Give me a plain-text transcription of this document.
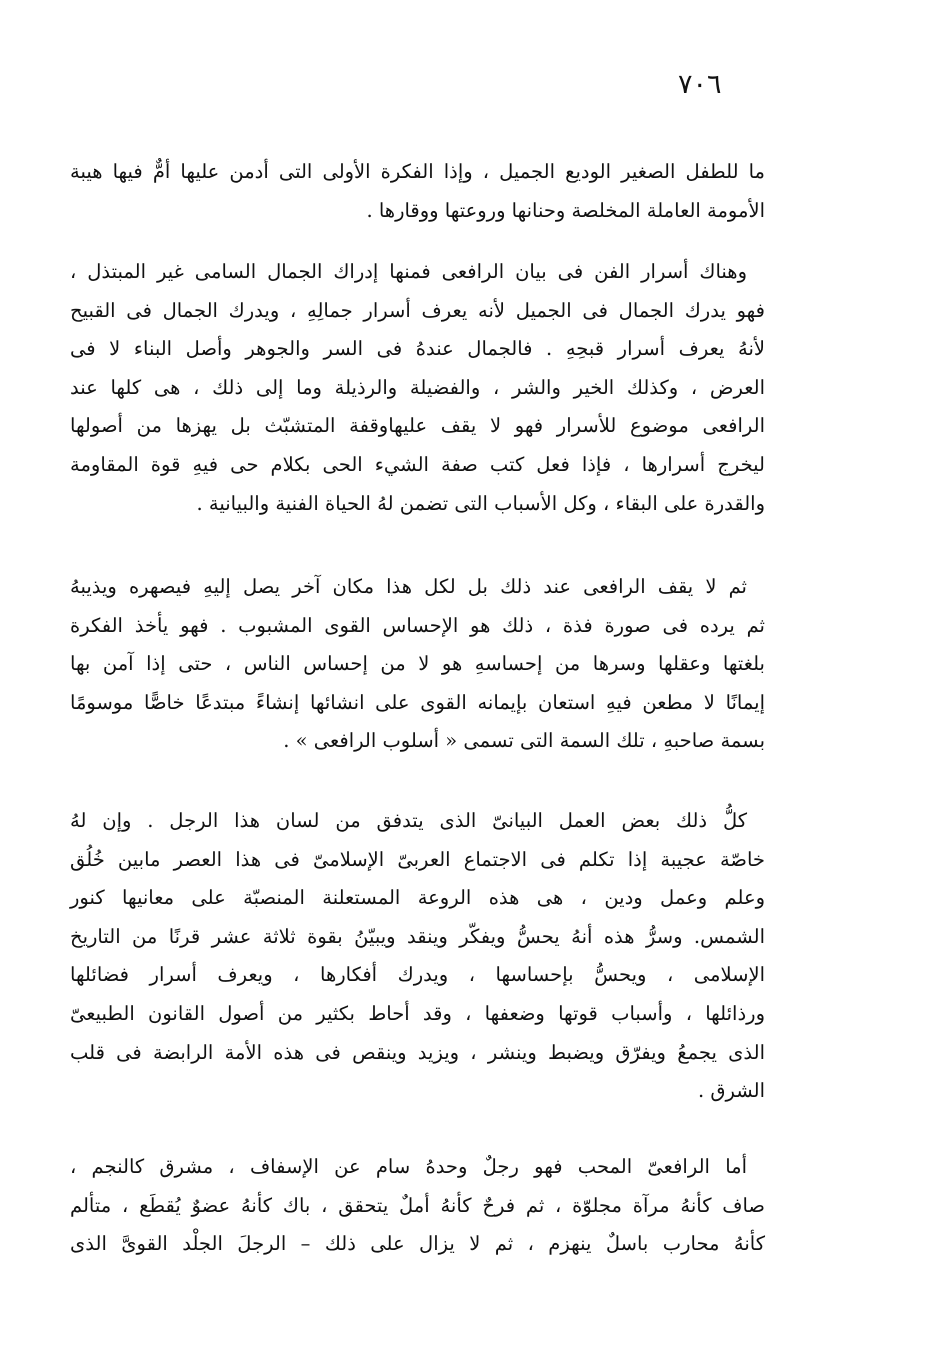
٧٠٦
ما للطفل الصغير الوديع الجميل ، وإذا الفكرة الأولى التى أدمن عليها أمٌّ فيها هيبة
الأمومة العاملة المخلصة وحنانها وروعتها ووقارها .
وهناك أسرار الفن فى بيان الرافعى فمنها إدراك الجمال السامى غير المبتذل ،
فهو يدرك الجمال فى الجميل لأنه يعرف أسرار جمالِهِ ، ويدرك الجمال فى القبيح
لأنهُ يعرف أسرار قبحِهِ . فالجمال عندهُ فى السر والجوهر وأصل البناء لا فى
العرض ، وكذلك الخير والشر ، والفضيلة والرذيلة وما إلى ذلك ، هى كلها عند
الرافعى موضوع للأسرار فهو لا يقف عليهاوقفة المتشبّث بل يهزها من أصولها
ليخرج أسرارها ، فإذا فعل كتب صفة الشيء الحى بكلام حى فيهِ قوة المقاومة
والقدرة على البقاء ، وكل الأسباب التى تضمن لهُ الحياة الفنية والبيانية .
ثم لا يقف الرافعى عند ذلك بل لكل هذا مكان آخر يصل إليهِ فيصهره ويذيبهُ
ثم يرده فى صورة فذة ، ذلك هو الإحساس القوى المشبوب . فهو يأخذ الفكرة
بلغتها وعقلها وسرها من إحساسهِ هو لا من إحساس الناس ، حتى إذا آمن بها
إيمانًا لا مطعن فيهِ استعان بإيمانه القوى على انشائها إنشاءً مبتدعًا خاصًّا موسومًا
بسمة صاحبهِ ، تلك السمة التى تسمى « أسلوب الرافعى » .
كلُّ ذلك بعض العمل البيانىّ الذى يتدفق من لسان هذا الرجل . وإن لهُ
خاصّة عجيبة إذا تكلم فى الاجتماع العربىّ الإسلامىّ فى هذا العصر مابين خُلُق
وعلم وعمل ودين ، هى هذه الروعة المستعلنة المنصبّة على معانيها كنور
الشمس. وسرُّ هذه أنهُ يحسُّ ويفكّر وينقد ويبيّنُ بقوة ثلاثة عشر قرنًا من التاريخ
الإسلامى ، ويحسُّ بإحساسها ، ويدرك أفكارها ، ويعرف أسرار فضائلها
ورذائلها ، وأسباب قوتها وضعفها ، وقد أحاط بكثير من أصول القانون الطبيعىّ
الذى يجمعُ ويفرّق ويضبط وينشر ، ويزيد وينقص فى هذه الأمة الرابضة فى قلب
الشرق .
أما الرافعىّ المحب فهو رجلٌ وحدهُ سام عن الإسفاف ، مشرق كالنجم ،
صاف كأنهُ مرآة مجلوّة ، ثم فرحٌ كأنهُ أملٌ يتحقق ، باك كأنهُ عضوٌ يُقطَع ، متألم
كأنهُ محارب باسلٌ ينهزم ، ثم لا يزال على ذلك – الرجلَ الجلْد القوىَّ الذى
